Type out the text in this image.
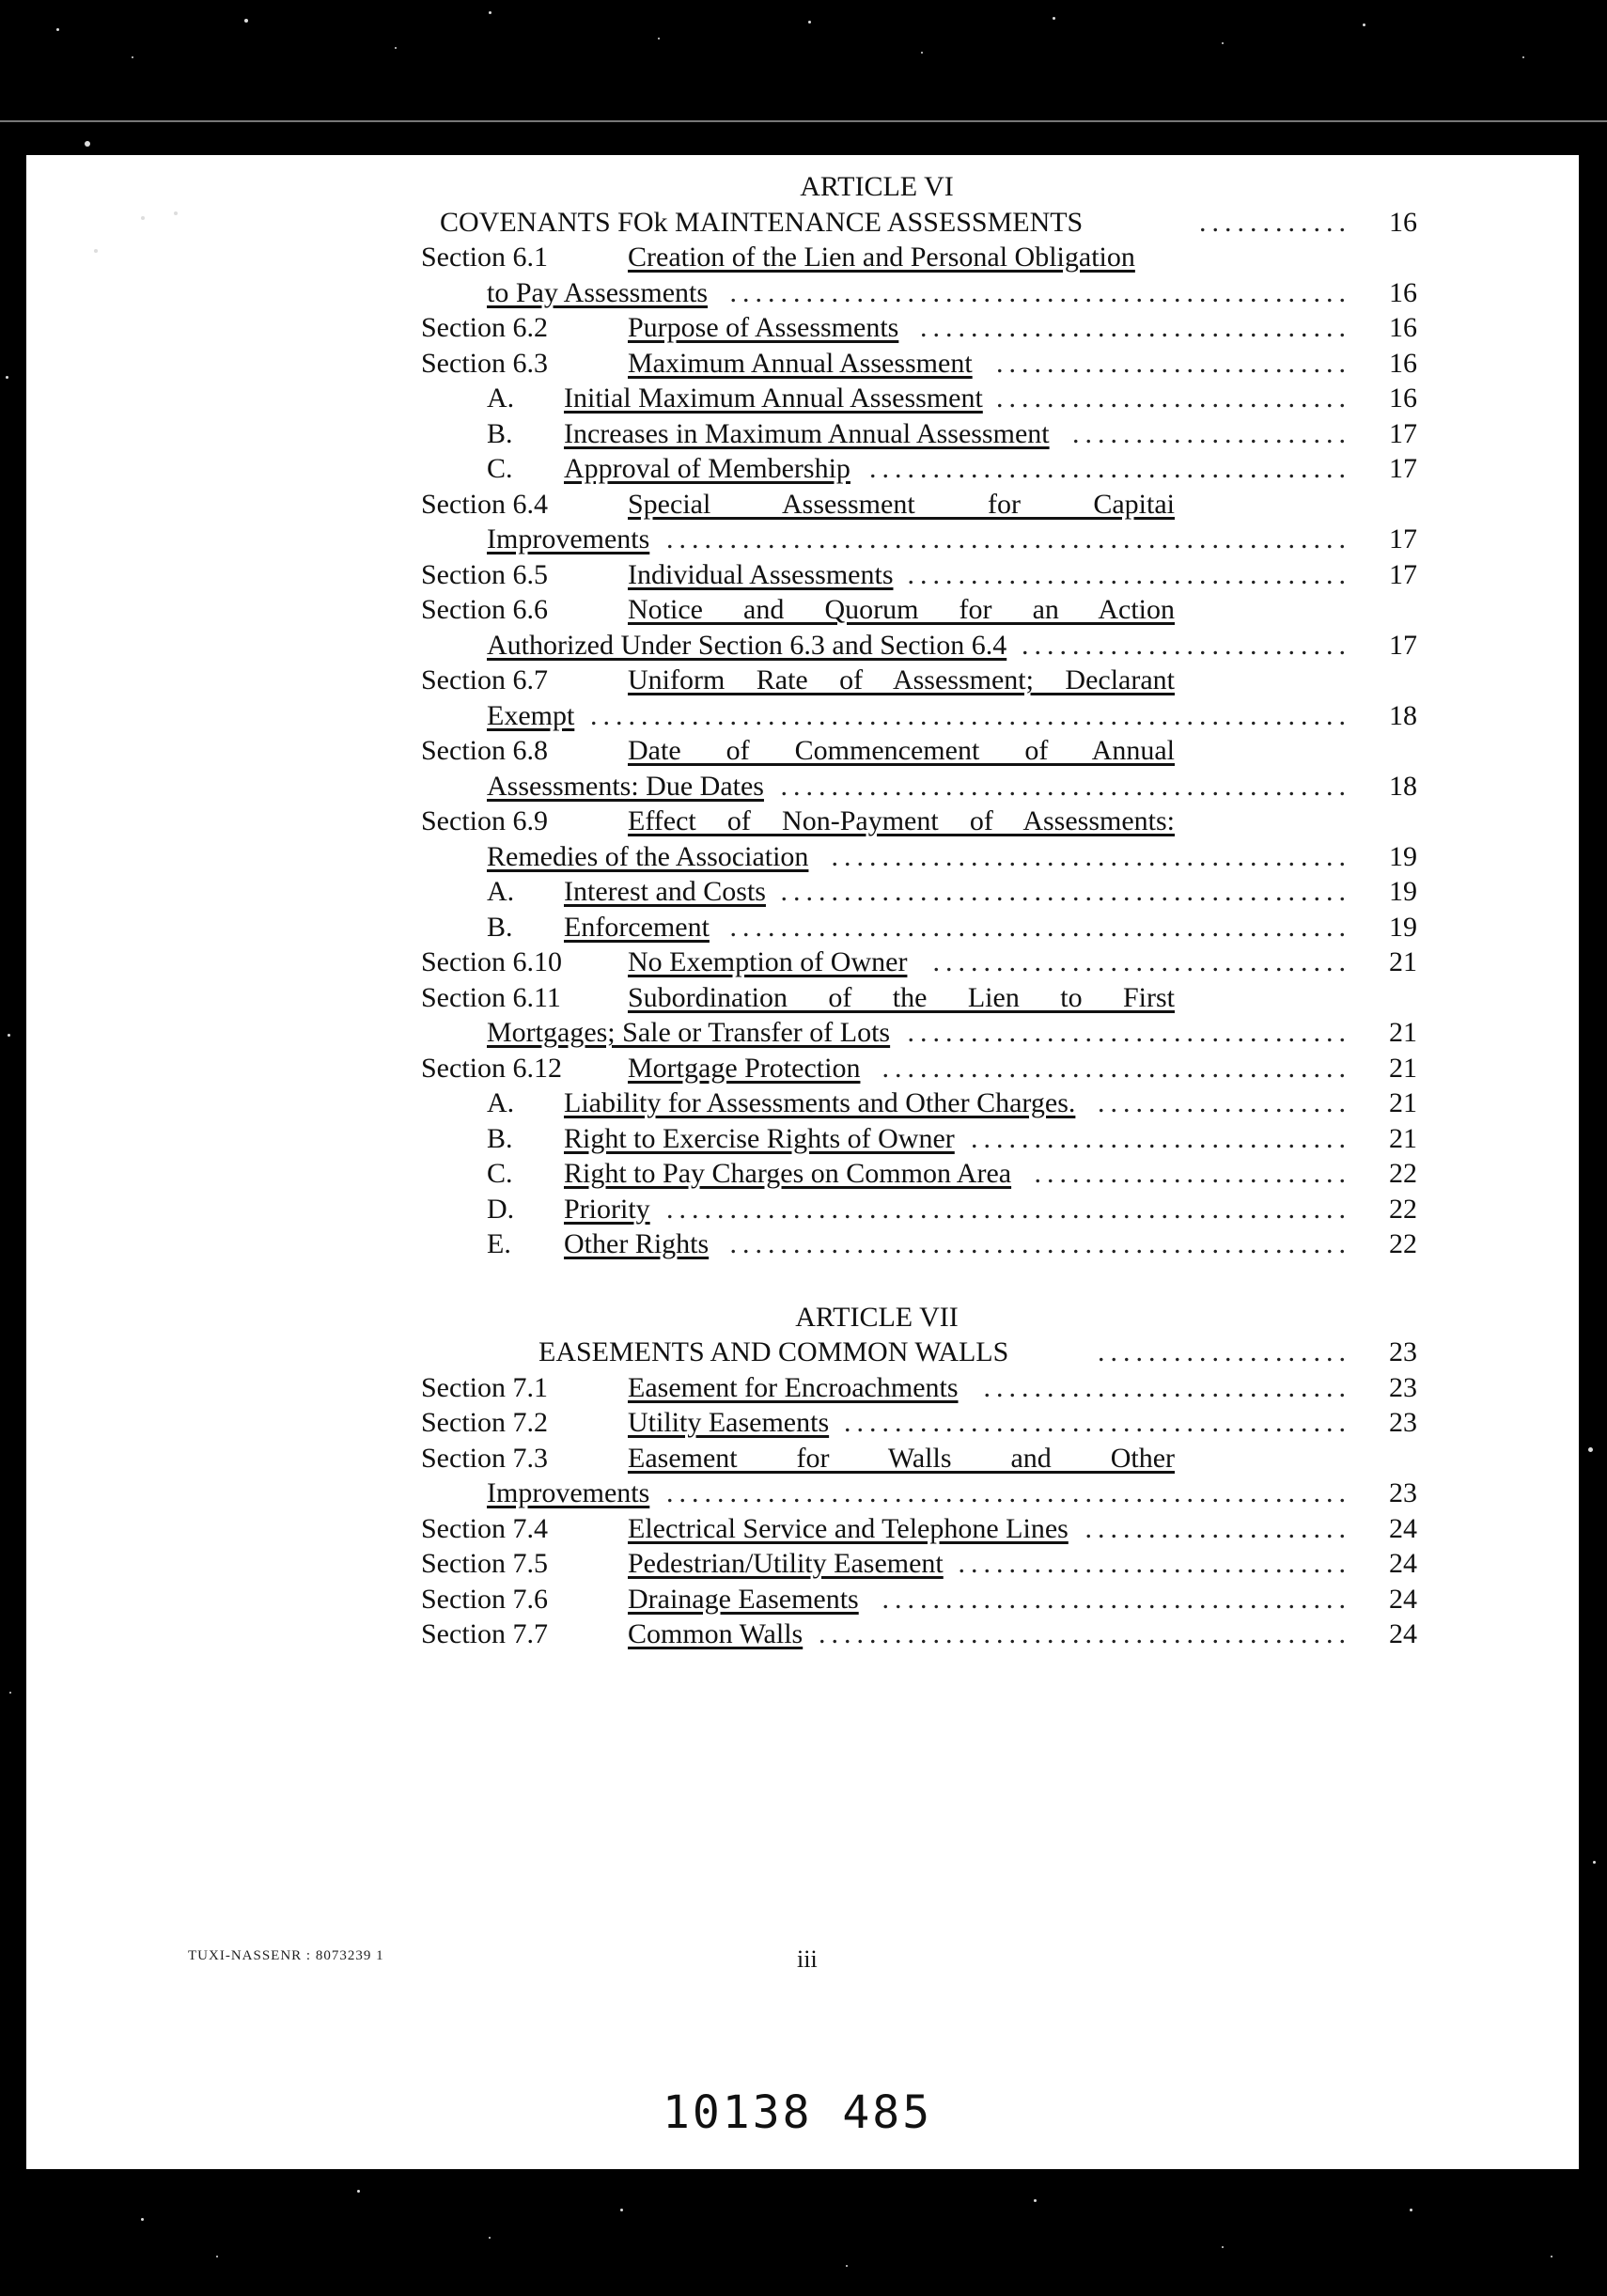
ARTICLE VI
COVENANTS FOk MAINTENANCE ASSESSMENTS	............	16
Section 6.1	Creation of the Lien and Personal Obligation
to Pay Assessments .................................................	16
Section 6.2	Purpose of Assessments ..................................	16
Section 6.3	Maximum Annual Assessment ............................	16
A. Initial Maximum Annual Assessment ............................	16
B. Increases in Maximum Annual Assessment ......................	17
C. Approval of Membership ......................................	17
Section 6.4	Special Assessment for Capitai
Improvements ......................................................	17
Section 6.5	Individual Assessments ...................................	17
Section 6.6	Notice and Quorum for an Action
Authorized Under Section 6.3 and Section 6.4 ..........................	17
Section 6.7	Uniform Rate of Assessment; Declarant
Exempt ............................................................	18
Section 6.8	Date of Commencement of Annual
Assessments: Due Dates .............................................	18
Section 6.9	Effect of Non-Payment of Assessments:
Remedies of the Association .........................................	19
A. Interest and Costs .............................................	19
B. Enforcement .................................................	19
Section 6.10 No Exemption of Owner .................................	21
Section 6.11 Subordination of the Lien to First
Mortgages; Sale or Transfer of Lots ...................................	21
Section 6.12 Mortgage Protection .....................................	21
A. Liability for Assessments and Other Charges. ....................	21
B. Right to Exercise Rights of Owner ..............................	21
C. Right to Pay Charges on Common Area .........................	22
D. Priority ......................................................	22
E. Other Rights .................................................	22
ARTICLE VII
EASEMENTS AND COMMON WALLS	....................	23
Section 7.1	Easement for Encroachments .............................	23
Section 7.2	Utility Easements ........................................	23
Section 7.3	Easement for Walls and Other
Improvements ......................................................	23
Section 7.4	Electrical Service and Telephone Lines .....................	24
Section 7.5	Pedestrian/Utility Easement ...............................	24
Section 7.6	Drainage Easements .....................................	24
Section 7.7	Common Walls ..........................................	24
TUXI-NASSENR : 8073239 1	iii
10138 485
